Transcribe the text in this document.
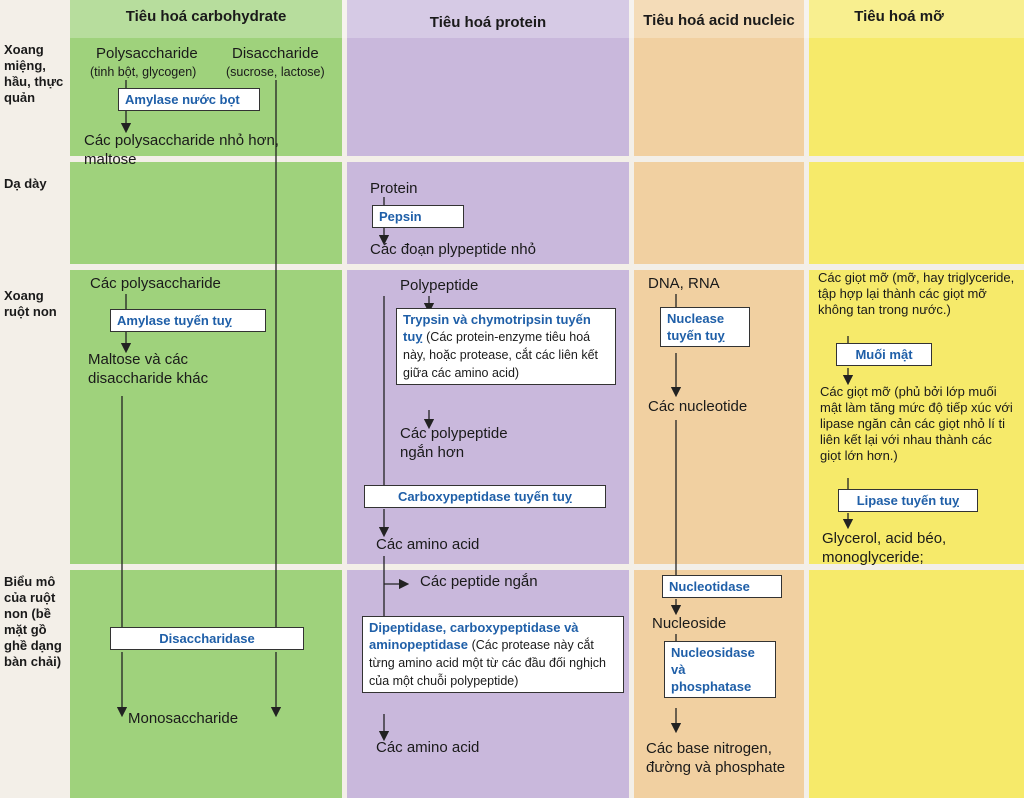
Tiêu hoá carbohydrate	Tiêu hoá protein	Tiêu hoá acid nucleic	Tiêu hoá mỡ
Xoang miệng, hầu, thực quản
Dạ dày
Xoang ruột non
Biểu mô của ruột non (bề mặt gồ ghề dạng bàn chải)
Polysaccharide
(tinh bột, glycogen)
Disaccharide
(sucrose, lactose)
Amylase nước bọt
Các polysaccharide nhỏ hơn, maltose
Các polysaccharide
Amylase tuyến tuỵ
Maltose và các disaccharide khác
Disaccharidase
Monosaccharide
Protein
Pepsin
Các đoạn plypeptide nhỏ
Polypeptide
Trypsin và chymotripsin tuyến tuỵ (Các protein-enzyme tiêu hoá này, hoặc protease, cắt các liên kết giữa các amino acid)
Các polypeptide ngắn hơn
Carboxypeptidase tuyến tuỵ
Các amino acid
Các peptide ngắn
Dipeptidase, carboxypeptidase và aminopeptidase (Các protease này cắt từng amino acid một từ các đầu đối nghịch của một chuỗi polypeptide)
Các amino acid
DNA, RNA
Nuclease tuyến tuỵ
Các nucleotide
Nucleotidase
Nucleoside
Nucleosidase và phosphatase
Các base nitrogen, đường và phosphate
Các giọt mỡ (mỡ, hay triglyceride, tập hợp lại thành các giọt mỡ không tan trong nước.)
Muối mật
Các giọt mỡ (phủ bởi lớp muối mật làm tăng mức độ tiếp xúc với lipase ngăn cản các giọt nhỏ lí ti liên kết lại với nhau thành các giọt lớn hơn.)
Lipase tuyến tuỵ
Glycerol, acid béo, monoglyceride;
